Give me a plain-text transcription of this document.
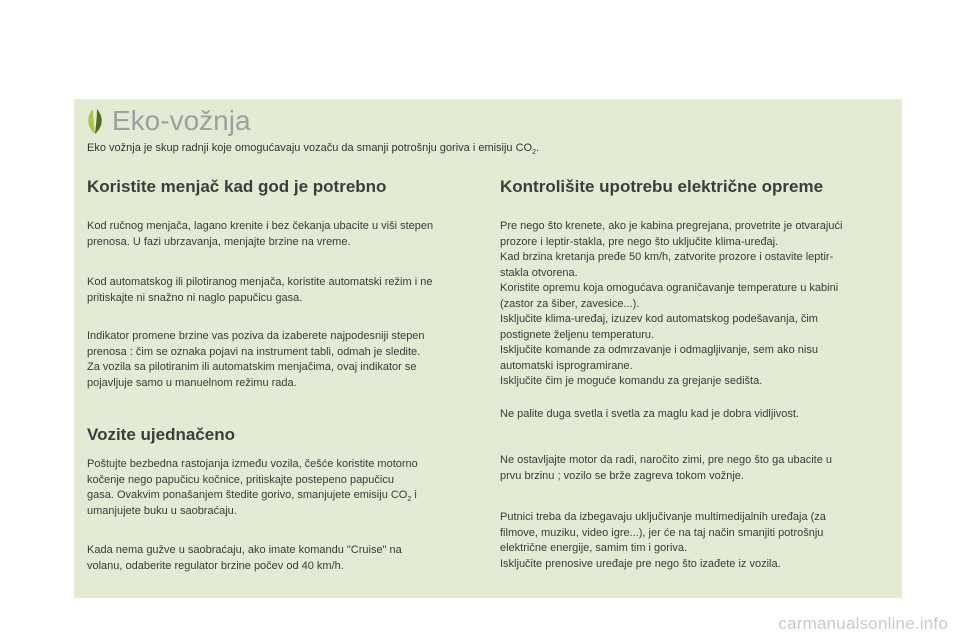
Eko-vožnja
Eko vožnja je skup radnji koje omogućavaju vozaču da smanji potrošnju goriva i emisiju $CO_2$.
Koristite menjač kad god je potrebno

Kod ručnog menjača, lagano krenite i bez čekanja ubacite u viši stepen
prenosa. U fazi ubrzavanja, menjajte brzine na vreme.

Kod automatskog ili pilotiranog menjača, koristite automatski režim i ne
pritiskajte ni snažno ni naglo papučicu gasa.

Indikator promene brzine vas poziva da izaberete najpodesniji stepen
prenosa : čim se oznaka pojavi na instrument tabli, odmah je sledite.
Za vozila sa pilotiranim ili automatskim menjačima, ovaj indikator se
pojavljuje samo u manuelnom režimu rada.

Vozite ujednačeno

Poštujte bezbedna rastojanja između vozila, češće koristite motorno
kočenje nego papučicu kočnice, pritiskajte postepeno papučicu
gasa. Ovakvim ponašanjem štedite gorivo, smanjujete emisiju $CO_2$ i
umanjujete buku u saobraćaju.

Kada nema gužve u saobraćaju, ako imate komandu "Cruise" na
volanu, odaberite regulator brzine počev od 40 km/h.

Kontrolišite upotrebu električne opreme

Pre nego što krenete, ako je kabina pregrejana, provetrite je otvarajući
prozore i leptir-stakla, pre nego što uključite klima-uređaj.
Kad brzina kretanja pređe 50 km/h, zatvorite prozore i ostavite leptir-
stakla otvorena.
Koristite opremu koja omogućava ograničavanje temperature u kabini
(zastor za šiber, zavesice...).
Isključite klima-uređaj, izuzev kod automatskog podešavanja, čim
postignete željenu temperaturu.
Isključite komande za odmrzavanje i odmagljivanje, sem ako nisu
automatski isprogramirane.
Isključite čim je moguće komandu za grejanje sedišta.

Ne palite duga svetla i svetla za maglu kad je dobra vidljivost.

Ne ostavljajte motor da radi, naročito zimi, pre nego što ga ubacite u
prvu brzinu ; vozilo se brže zagreva tokom vožnje.

Putnici treba da izbegavaju uključivanje multimedijalnih uređaja (za
filmove, muziku, video igre...), jer će na taj način smanjiti potrošnju
električne energije, samim tim i goriva.
Isključite prenosive uređaje pre nego što izađete iz vozila.

carmanualsonline.info
